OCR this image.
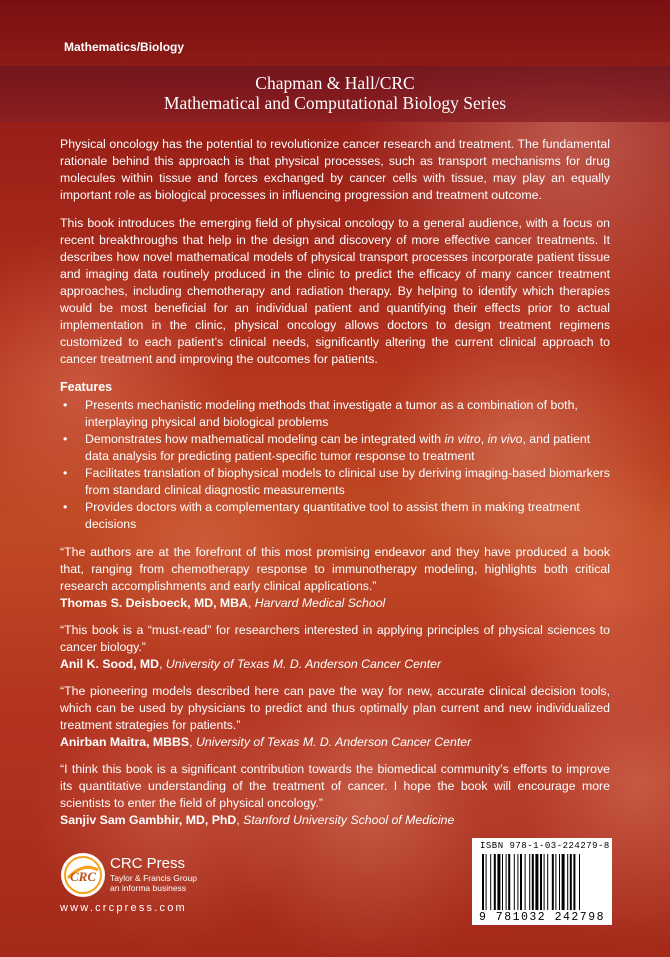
Mathematics/Biology
Chapman & Hall/CRC
Mathematical and Computational Biology Series

Physical oncology has the potential to revolutionize cancer research and treatment. The fundamental rationale behind this approach is that physical processes, such as transport mechanisms for drug molecules within tissue and forces exchanged by cancer cells with tissue, may play an equally important role as biological processes in influencing progression and treatment outcome.

This book introduces the emerging field of physical oncology to a general audience, with a focus on recent breakthroughs that help in the design and discovery of more effective cancer treatments. It describes how novel mathematical models of physical transport processes incorporate patient tissue and imaging data routinely produced in the clinic to predict the efficacy of many cancer treatment approaches, including chemotherapy and radiation therapy. By helping to identify which therapies would be most beneficial for an individual patient and quantifying their effects prior to actual implementation in the clinic, physical oncology allows doctors to design treatment regimens customized to each patient’s clinical needs, significantly altering the current clinical approach to cancer treatment and improving the outcomes for patients.

Features
• Presents mechanistic modeling methods that investigate a tumor as a combination of both, interplaying physical and biological problems
• Demonstrates how mathematical modeling can be integrated with in vitro, in vivo, and patient data analysis for predicting patient-specific tumor response to treatment
• Facilitates translation of biophysical models to clinical use by deriving imaging-based biomarkers from standard clinical diagnostic measurements
• Provides doctors with a complementary quantitative tool to assist them in making treatment decisions
“The authors are at the forefront of this most promising endeavor and they have produced a book that, ranging from chemotherapy response to immunotherapy modeling, highlights both critical research accomplishments and early clinical applications.”
Thomas S. Deisboeck, MD, MBA, Harvard Medical School
“This book is a “must-read” for researchers interested in applying principles of physical sciences to cancer biology.”
Anil K. Sood, MD, University of Texas M. D. Anderson Cancer Center
“The pioneering models described here can pave the way for new, accurate clinical decision tools, which can be used by physicians to predict and thus optimally plan current and new individualized treatment strategies for patients.”
Anirban Maitra, MBBS, University of Texas M. D. Anderson Cancer Center
“I think this book is a significant contribution towards the biomedical community’s efforts to improve its quantitative understanding of the treatment of cancer. I hope the book will encourage more scientists to enter the field of physical oncology.”
Sanjiv Sam Gambhir, MD, PhD, Stanford University School of Medicine
CRC
CRC Press
Taylor & Francis Group
an informa business
www.crcpress.com
ISBN 978-1-03-224279-8
9 781032 242798
